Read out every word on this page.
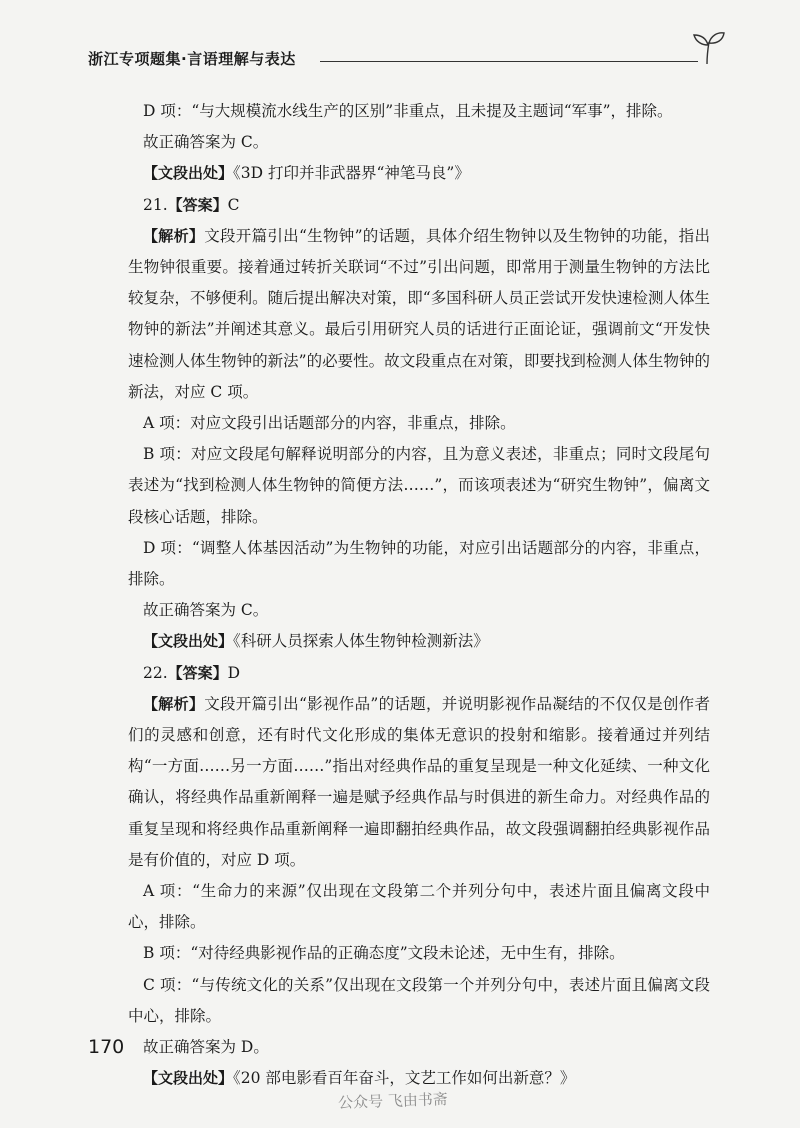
浙江专项题集·言语理解与表达

D 项：“与大规模流水线生产的区别”非重点，且未提及主题词“军事”，排除。

故正确答案为 C。

【文段出处】《3D 打印并非武器界“神笔马良”》

21.【答案】C

【解析】文段开篇引出“生物钟”的话题，具体介绍生物钟以及生物钟的功能，指出生物钟很重要。接着通过转折关联词“不过”引出问题，即常用于测量生物钟的方法比较复杂，不够便利。随后提出解决对策，即“多国科研人员正尝试开发快速检测人体生物钟的新法”并阐述其意义。最后引用研究人员的话进行正面论证，强调前文“开发快速检测人体生物钟的新法”的必要性。故文段重点在对策，即要找到检测人体生物钟的新法，对应 C 项。

A 项：对应文段引出话题部分的内容，非重点，排除。

B 项：对应文段尾句解释说明部分的内容，且为意义表述，非重点；同时文段尾句表述为“找到检测人体生物钟的简便方法……”，而该项表述为“研究生物钟”，偏离文段核心话题，排除。

D 项：“调整人体基因活动”为生物钟的功能，对应引出话题部分的内容，非重点，排除。

故正确答案为 C。

【文段出处】《科研人员探索人体生物钟检测新法》

22.【答案】D

【解析】文段开篇引出“影视作品”的话题，并说明影视作品凝结的不仅仅是创作者们的灵感和创意，还有时代文化形成的集体无意识的投射和缩影。接着通过并列结构“一方面……另一方面……”指出对经典作品的重复呈现是一种文化延续、一种文化确认，将经典作品重新阐释一遍是赋予经典作品与时俱进的新生命力。对经典作品的重复呈现和将经典作品重新阐释一遍即翻拍经典作品，故文段强调翻拍经典影视作品是有价值的，对应 D 项。

A 项：“生命力的来源”仅出现在文段第二个并列分句中，表述片面且偏离文段中心，排除。

B 项：“对待经典影视作品的正确态度”文段未论述，无中生有，排除。

C 项：“与传统文化的关系”仅出现在文段第一个并列分句中，表述片面且偏离文段中心，排除。

故正确答案为 D。

【文段出处】《20 部电影看百年奋斗，文艺工作如何出新意？》

170
公众号 飞由书斋
